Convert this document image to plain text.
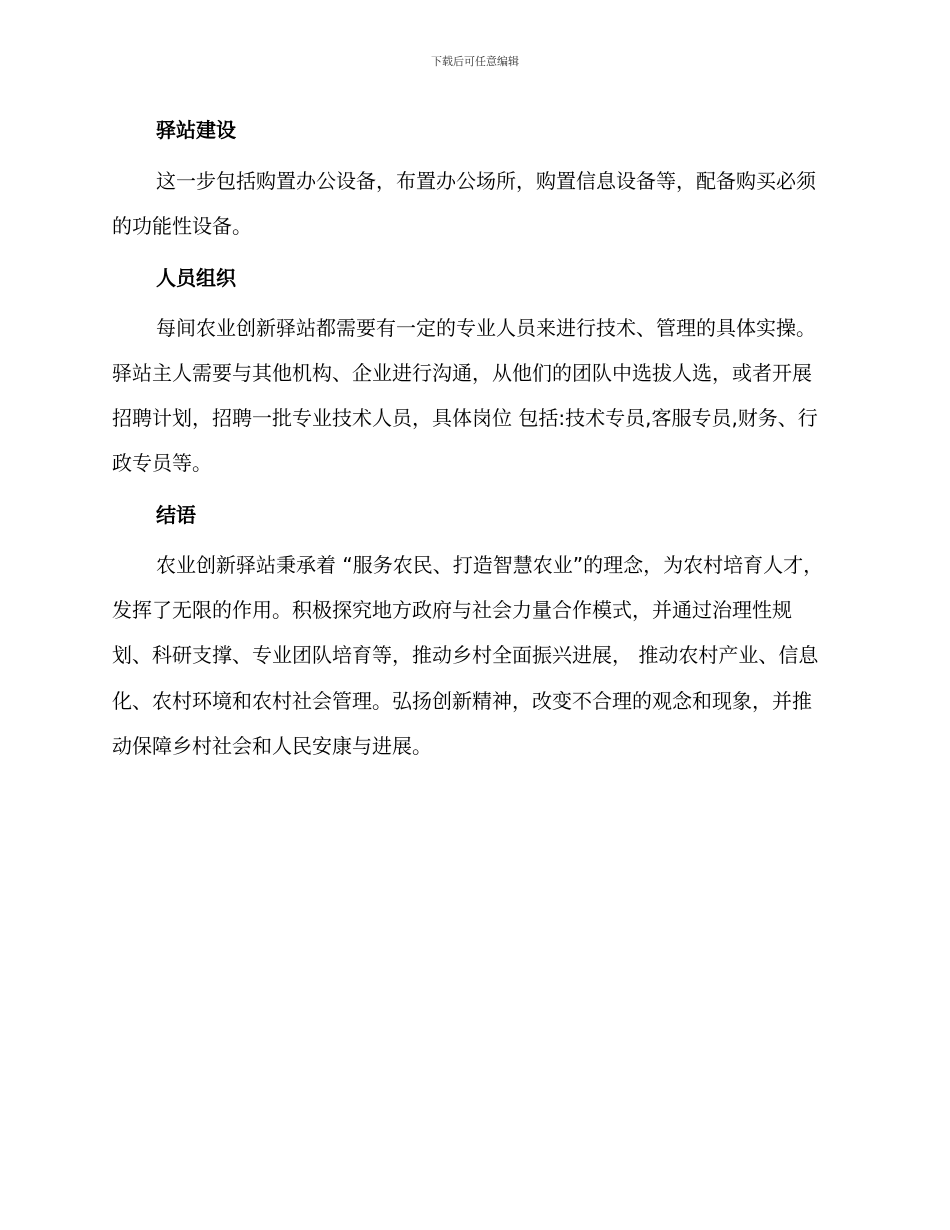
下载后可任意编辑
驿站建设

这一步包括购置办公设备，布置办公场所，购置信息设备等，配备购买必须的功能性设备。

人员组织

每间农业创新驿站都需要有一定的专业人员来进行技术、管理的具体实操。驿站主人需要与其他机构、企业进行沟通，从他们的团队中选拔人选，或者开展招聘计划，招聘一批专业技术人员，具体岗位 包括:技术专员,客服专员,财务、行政专员等。

结语

农业创新驿站秉承着 “服务农民、打造智慧农业”的理念，为农村培育人才，发挥了无限的作用。积极探究地方政府与社会力量合作模式，并通过治理性规划、科研支撑、专业团队培育等，推动乡村全面振兴进展， 推动农村产业、信息化、农村环境和农村社会管理。弘扬创新精神，改变不合理的观念和现象，并推动保障乡村社会和人民安康与进展。
